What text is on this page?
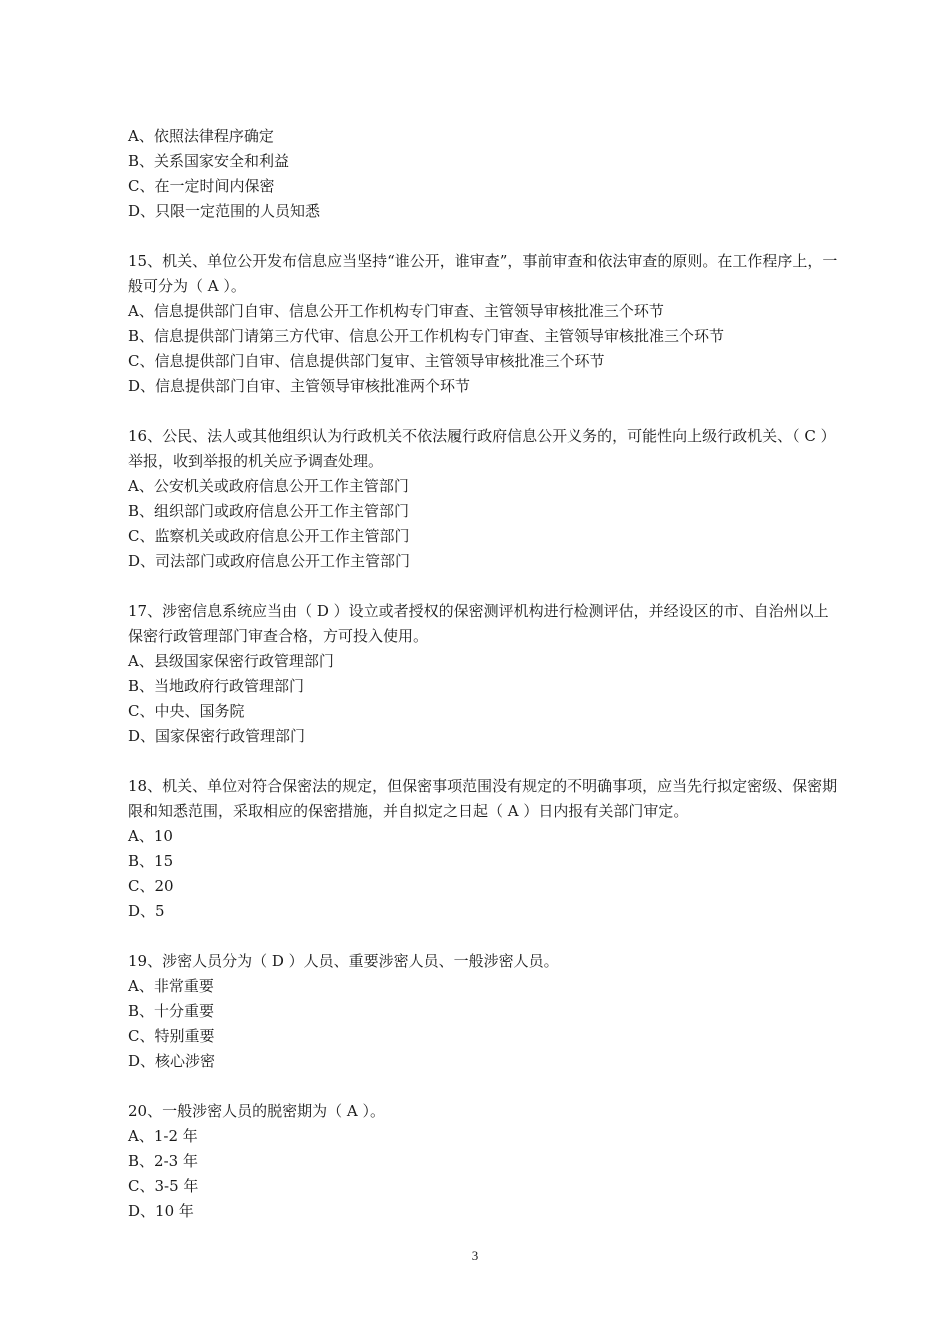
A、依照法律程序确定
B、关系国家安全和利益
C、在一定时间内保密
D、只限一定范围的人员知悉
15、机关、单位公开发布信息应当坚持“谁公开，谁审查”，事前审查和依法审查的原则。在工作程序上，一般可分为（ A ）。
A、信息提供部门自审、信息公开工作机构专门审查、主管领导审核批准三个环节
B、信息提供部门请第三方代审、信息公开工作机构专门审查、主管领导审核批准三个环节
C、信息提供部门自审、信息提供部门复审、主管领导审核批准三个环节
D、信息提供部门自审、主管领导审核批准两个环节
16、公民、法人或其他组织认为行政机关不依法履行政府信息公开义务的，可能性向上级行政机关、（ C ）举报，收到举报的机关应予调查处理。
A、公安机关或政府信息公开工作主管部门
B、组织部门或政府信息公开工作主管部门
C、监察机关或政府信息公开工作主管部门
D、司法部门或政府信息公开工作主管部门
17、涉密信息系统应当由（ D ）设立或者授权的保密测评机构进行检测评估，并经设区的市、自治州以上保密行政管理部门审查合格，方可投入使用。
A、县级国家保密行政管理部门
B、当地政府行政管理部门
C、中央、国务院
D、国家保密行政管理部门
18、机关、单位对符合保密法的规定，但保密事项范围没有规定的不明确事项，应当先行拟定密级、保密期限和知悉范围，采取相应的保密措施，并自拟定之日起（ A ）日内报有关部门审定。
A、10
B、15
C、20
D、5
19、涉密人员分为（ D ）人员、重要涉密人员、一般涉密人员。
A、非常重要
B、十分重要
C、特别重要
D、核心涉密
20、一般涉密人员的脱密期为（ A ）。
A、1-2 年
B、2-3 年
C、3-5 年
D、10 年
3
